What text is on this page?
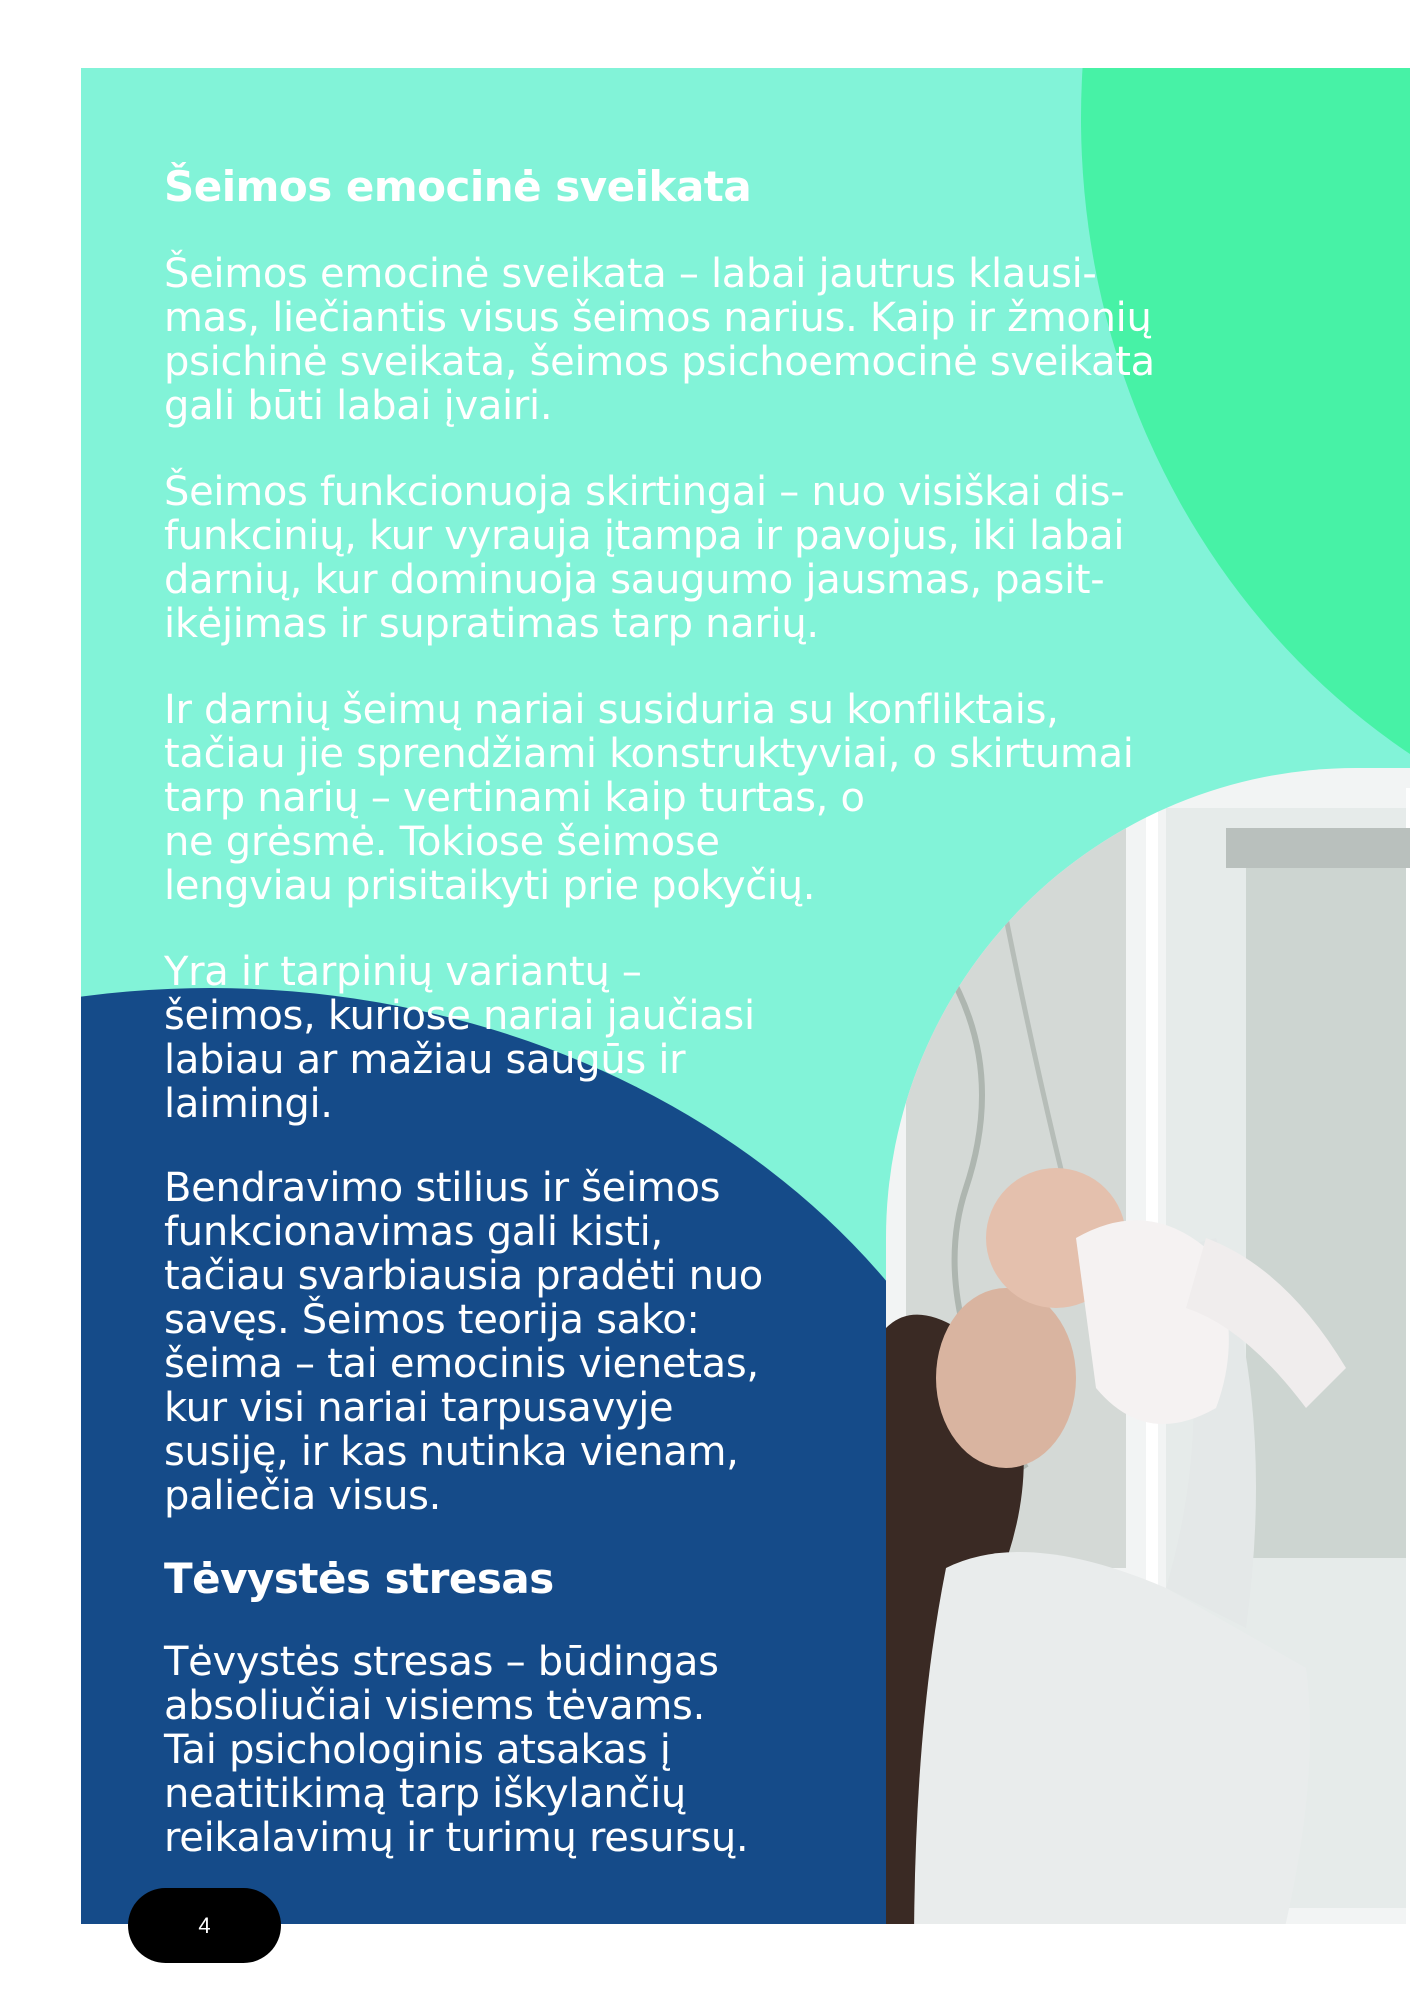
Šeimos emocinė sveikata

Šeimos emocinė sveikata – labai jautrus klausi-
mas, liečiantis visus šeimos narius. Kaip ir žmonių
psichinė sveikata, šeimos psichoemocinė sveikata
gali būti labai įvairi.

Šeimos funkcionuoja skirtingai – nuo visiškai dis-
funkcinių, kur vyrauja įtampa ir pavojus, iki labai
darnių, kur dominuoja saugumo jausmas, pasit-
ikėjimas ir supratimas tarp narių.

Ir darnių šeimų nariai susiduria su konfliktais,
tačiau jie sprendžiami konstruktyviai, o skirtumai
tarp narių – vertinami kaip turtas, o
ne grėsmė. Tokiose šeimose
lengviau prisitaikyti prie pokyčių.

Yra ir tarpinių variantų –
šeimos, kuriose nariai jaučiasi
labiau ar mažiau saugūs ir
laimingi.

Bendravimo stilius ir šeimos
funkcionavimas gali kisti,
tačiau svarbiausia pradėti nuo
savęs. Šeimos teorija sako:
šeima – tai emocinis vienetas,
kur visi nariai tarpusavyje
susiję, ir kas nutinka vienam,
paliečia visus.

Tėvystės stresas

Tėvystės stresas – būdingas
absoliučiai visiems tėvams.
Tai psichologinis atsakas į
neatitikimą tarp iškylančių
reikalavimų ir turimų resursų.

4
